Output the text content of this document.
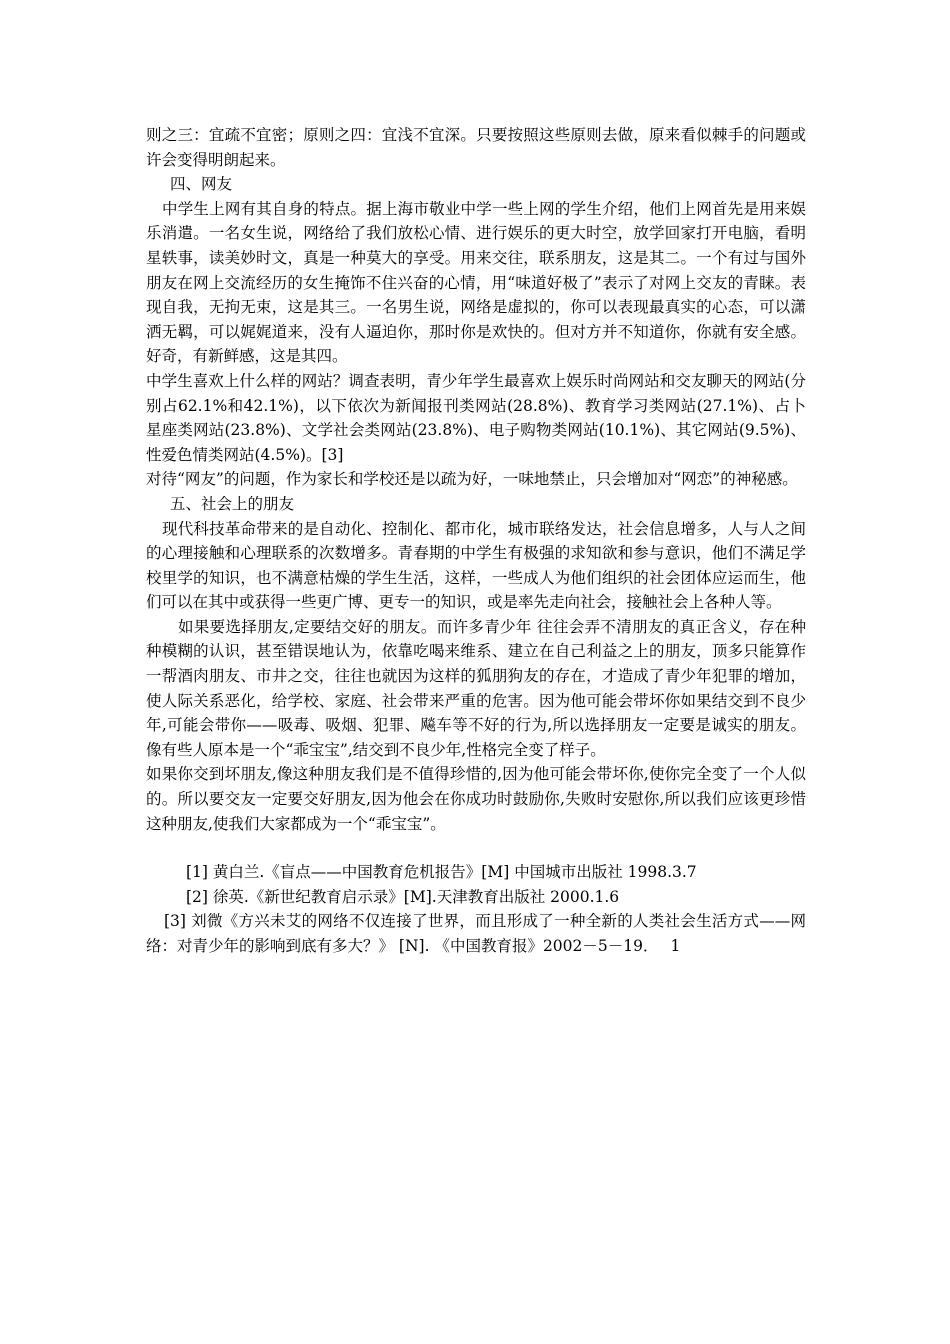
则之三：宜疏不宜密；原则之四：宜浅不宜深。只要按照这些原则去做，原来看似棘手的问题或许会变得明朗起来。

四、网友

中学生上网有其自身的特点。据上海市敬业中学一些上网的学生介绍，他们上网首先是用来娱乐消遣。一名女生说，网络给了我们放松心情、进行娱乐的更大时空，放学回家打开电脑，看明星轶事，读美妙时文，真是一种莫大的享受。用来交往，联系朋友，这是其二。一个有过与国外朋友在网上交流经历的女生掩饰不住兴奋的心情，用“味道好极了”表示了对网上交友的青睐。表现自我，无拘无束，这是其三。一名男生说，网络是虚拟的，你可以表现最真实的心态，可以潇洒无羁，可以娓娓道来，没有人逼迫你，那时你是欢快的。但对方并不知道你，你就有安全感。好奇，有新鲜感，这是其四。

中学生喜欢上什么样的网站？调查表明，青少年学生最喜欢上娱乐时尚网站和交友聊天的网站(分别占62.1%和42.1%)，以下依次为新闻报刊类网站(28.8%)、教育学习类网站(27.1%)、占卜星座类网站(23.8%)、文学社会类网站(23.8%)、电子购物类网站(10.1%)、其它网站(9.5%)、性爱色情类网站(4.5%)。[3]

对待“网友”的问题，作为家长和学校还是以疏为好，一味地禁止，只会增加对“网恋”的神秘感。

五、社会上的朋友

现代科技革命带来的是自动化、控制化、都市化，城市联络发达，社会信息增多，人与人之间的心理接触和心理联系的次数增多。青春期的中学生有极强的求知欲和参与意识，他们不满足学校里学的知识，也不满意枯燥的学生生活，这样，一些成人为他们组织的社会团体应运而生，他们可以在其中或获得一些更广博、更专一的知识，或是率先走向社会，接触社会上各种人等。

如果要选择朋友,定要结交好的朋友。而许多青少年 往往会弄不清朋友的真正含义，存在种种模糊的认识，甚至错误地认为，依靠吃喝来维系、建立在自己利益之上的朋友，顶多只能算作一帮酒肉朋友、市井之交，往往也就因为这样的狐朋狗友的存在，才造成了青少年犯罪的增加，使人际关系恶化，给学校、家庭、社会带来严重的危害。因为他可能会带坏你如果结交到不良少年,可能会带你——吸毒、吸烟、犯罪、飚车等不好的行为,所以选择朋友一定要是诚实的朋友。像有些人原本是一个“乖宝宝”,结交到不良少年,性格完全变了样子。

如果你交到坏朋友,像这种朋友我们是不值得珍惜的,因为他可能会带坏你,使你完全变了一个人似的。所以要交友一定要交好朋友,因为他会在你成功时鼓励你,失败时安慰你,所以我们应该更珍惜这种朋友,使我们大家都成为一个“乖宝宝”。

[1] 黄白兰.《盲点——中国教育危机报告》[M] 中国城市出版社 1998.3.7

[2] 徐英.《新世纪教育启示录》[M].天津教育出版社 2000.1.6

[3] 刘微《方兴未艾的网络不仅连接了世界，而且形成了一种全新的人类社会生活方式——网络：对青少年的影响到底有多大？》 [N]. 《中国教育报》2002－5－19． 1
